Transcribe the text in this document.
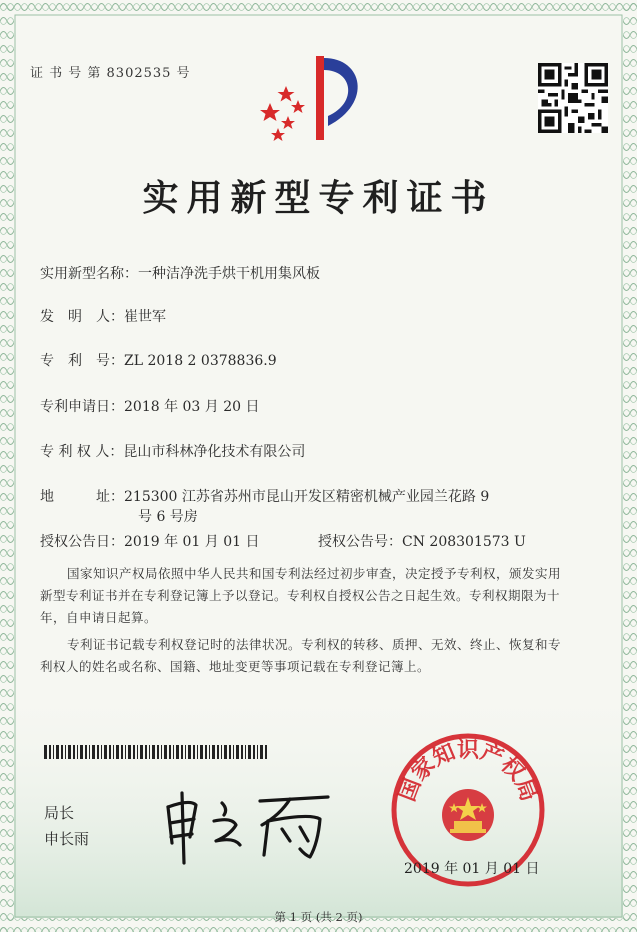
证 书 号 第 8302535 号
实用新型专利证书
实用新型名称：一种洁净洗手烘干机用集风板
发　明　人：崔世军
专　利　号：ZL 2018 2 0378836.9
专利申请日：2018 年 03 月 20 日
专 利 权 人：昆山市科林净化技术有限公司
地　　　址：215300 江苏省苏州市昆山开发区精密机械产业园兰花路 9
号 6 号房
授权公告日：2019 年 01 月 01 日	授权公告号：CN 208301573 U
国家知识产权局依照中华人民共和国专利法经过初步审查，决定授予专利权，颁发实用
新型专利证书并在专利登记簿上予以登记。专利权自授权公告之日起生效。专利权期限为十
年，自申请日起算。
专利证书记载专利权登记时的法律状况。专利权的转移、质押、无效、终止、恢复和专
利权人的姓名或名称、国籍、地址变更等事项记载在专利登记簿上。
局长
申长雨
国家知识产权局
2019 年 01 月 01 日
第 1 页 (共 2 页)
